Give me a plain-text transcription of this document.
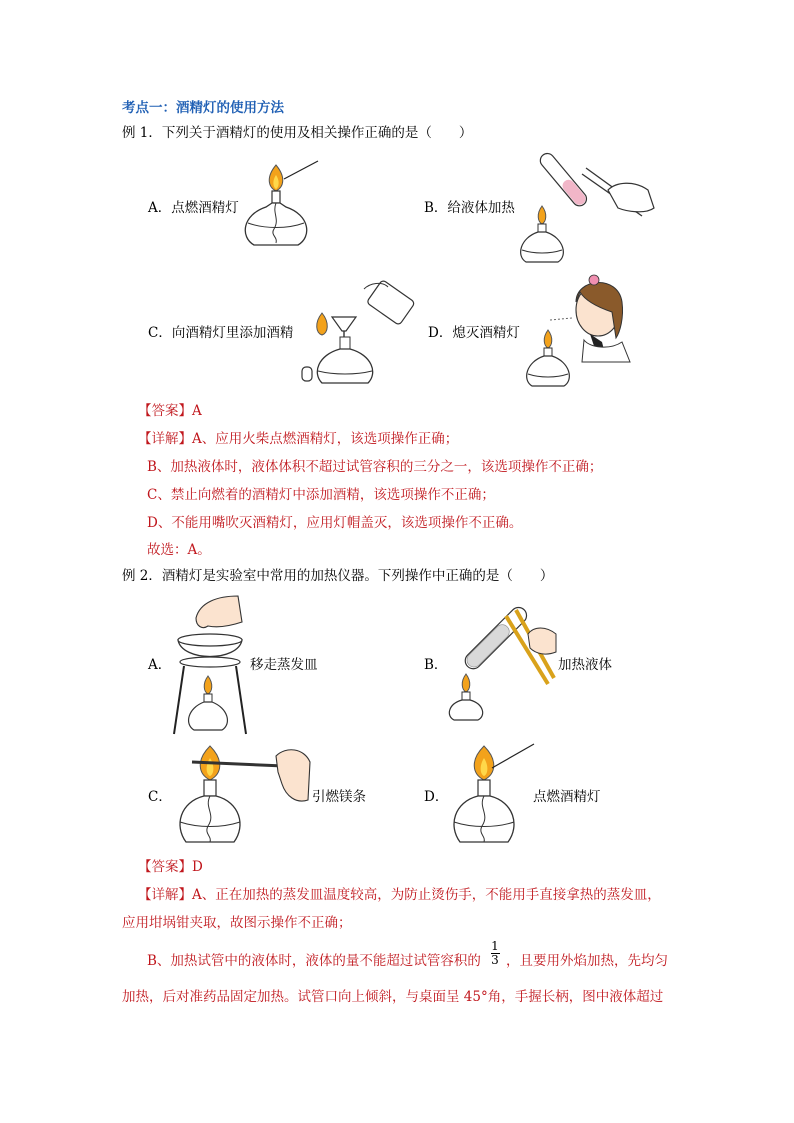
考点一：酒精灯的使用方法
例 1．下列关于酒精灯的使用及相关操作正确的是（　　）
A．点燃酒精灯	B．给液体加热
C．向酒精灯里添加酒精	D．熄灭酒精灯
【答案】A
【详解】A、应用火柴点燃酒精灯，该选项操作正确；
B、加热液体时，液体体积不超过试管容积的三分之一，该选项操作不正确；
C、禁止向燃着的酒精灯中添加酒精，该选项操作不正确；
D、不能用嘴吹灭酒精灯，应用灯帽盖灭，该选项操作不正确。
故选：A。
例 2．酒精灯是实验室中常用的加热仪器。下列操作中正确的是（　　）
A．	移走蒸发皿	B．	加热液体
C．	引燃镁条	D．	点燃酒精灯
【答案】D
【详解】A、正在加热的蒸发皿温度较高，为防止烫伤手，不能用手直接拿热的蒸发皿，
应用坩埚钳夹取，故图示操作不正确；
B、加热试管中的液体时，液体的量不能超过试管容积的
1
3 ，且要用外焰加热，先均匀
加热，后对准药品固定加热。试管口向上倾斜，与桌面呈 45°角，手握长柄，图中液体超过
